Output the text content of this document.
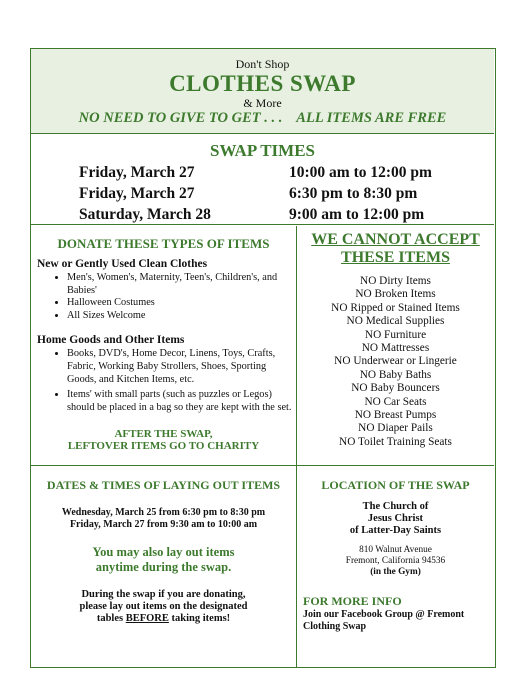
Don't Shop
CLOTHES SWAP
& More
NO NEED TO GIVE TO GET . . .    ALL ITEMS ARE FREE
SWAP TIMES
Friday, March 27	10:00 am to 12:00 pm
Friday, March 27	6:30 pm to 8:30 pm
Saturday, March 28	9:00 am to 12:00 pm
DONATE THESE TYPES OF ITEMS
New or Gently Used Clean Clothes
• Men's, Women's, Maternity, Teen's, Children's, and Babies'
• Halloween Costumes
• All Sizes Welcome
Home Goods and Other Items
• Books, DVD's, Home Decor, Linens, Toys, Crafts, Fabric, Working Baby Strollers, Shoes, Sporting Goods, and Kitchen Items, etc.
• Items' with small parts (such as puzzles or Legos) should be placed in a bag so they are kept with the set.
AFTER THE SWAP,
LEFTOVER ITEMS GO TO CHARITY
WE CANNOT ACCEPT
THESE ITEMS
NO Dirty Items
NO Broken Items
NO Ripped or Stained Items
NO Medical Supplies
NO Furniture
NO Mattresses
NO Underwear or Lingerie
NO Baby Baths
NO Baby Bouncers
NO Car Seats
NO Breast Pumps
NO Diaper Pails
NO Toilet Training Seats
DATES & TIMES OF LAYING OUT ITEMS
Wednesday, March 25 from 6:30 pm to 8:30 pm
Friday, March 27 from 9:30 am to 10:00 am
You may also lay out items
anytime during the swap.
During the swap if you are donating,
please lay out items on the designated
tables BEFORE taking items!
LOCATION OF THE SWAP
The Church of
Jesus Christ
of Latter-Day Saints
810 Walnut Avenue
Fremont, California 94536
(in the Gym)
FOR MORE INFO
Join our Facebook Group @ Fremont
Clothing Swap
